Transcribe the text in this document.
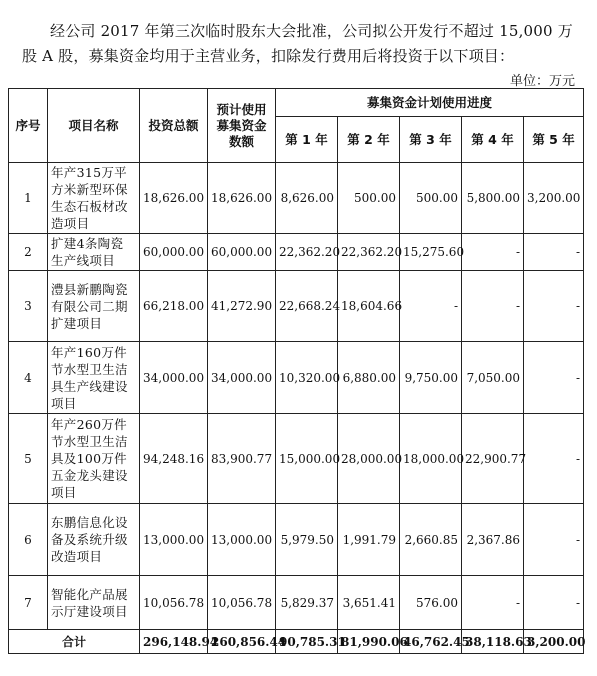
经公司 2017 年第三次临时股东大会批准，公司拟公开发行不超过 15,000 万股 A 股，募集资金均用于主营业务，扣除发行费用后将投资于以下项目：

单位：万元
序号	项目名称	投资总额	预计使用募集资金数额	募集资金计划使用进度				
				第 1 年	第 2 年	第 3 年	第 4 年	第 5 年
1	年产315万平方米新型环保生态石板材改造项目	18,626.00	18,626.00	8,626.00	500.00	500.00	5,800.00	3,200.00
2	扩建4条陶瓷生产线项目	60,000.00	60,000.00	22,362.20	22,362.20	15,275.60	-	-
3	澧县新鹏陶瓷有限公司二期扩建项目	66,218.00	41,272.90	22,668.24	18,604.66	-	-	-
4	年产160万件节水型卫生洁具生产线建设项目	34,000.00	34,000.00	10,320.00	6,880.00	9,750.00	7,050.00	-
5	年产260万件节水型卫生洁具及100万件五金龙头建设项目	94,248.16	83,900.77	15,000.00	28,000.00	18,000.00	22,900.77	-
6	东鹏信息化设备及系统升级改造项目	13,000.00	13,000.00	5,979.50	1,991.79	2,660.85	2,367.86	-
7	智能化产品展示厅建设项目	10,056.78	10,056.78	5,829.37	3,651.41	576.00	-	-
合计		296,148.94	260,856.44	90,785.31	81,990.06	46,762.45	38,118.63	3,200.00
